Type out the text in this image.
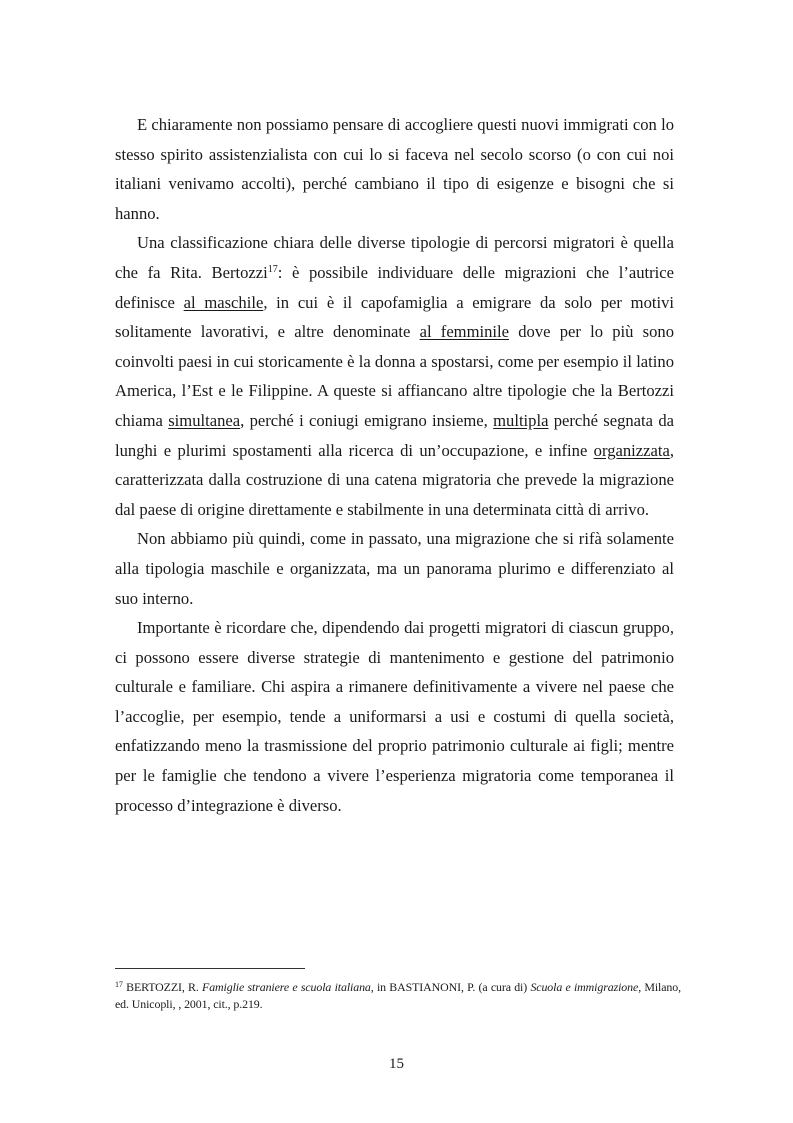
E chiaramente non possiamo pensare di accogliere questi nuovi immigrati con lo stesso spirito assistenzialista con cui lo si faceva nel secolo scorso (o con cui noi italiani venivamo accolti), perché cambiano il tipo di esigenze e bisogni che si hanno.

Una classificazione chiara delle diverse tipologie di percorsi migratori è quella che fa Rita. Bertozzi$^{17}$: è possibile individuare delle migrazioni che l’autrice definisce al maschile, in cui è il capofamiglia a emigrare da solo per motivi solitamente lavorativi, e altre denominate al femminile dove per lo più sono coinvolti paesi in cui storicamente è la donna a spostarsi, come per esempio il latino America, l’Est e le Filippine. A queste si affiancano altre tipologie che la Bertozzi chiama simultanea, perché i coniugi emigrano insieme, multipla perché segnata da lunghi e plurimi spostamenti alla ricerca di un’occupazione, e infine organizzata, caratterizzata dalla costruzione di una catena migratoria che prevede la migrazione dal paese di origine direttamente e stabilmente in una determinata città di arrivo.

Non abbiamo più quindi, come in passato, una migrazione che si rifà solamente alla tipologia maschile e organizzata, ma un panorama plurimo e differenziato al suo interno.

Importante è ricordare che, dipendendo dai progetti migratori di ciascun gruppo, ci possono essere diverse strategie di mantenimento e gestione del patrimonio culturale e familiare. Chi aspira a rimanere definitivamente a vivere nel paese che l’accoglie, per esempio, tende a uniformarsi a usi e costumi di quella società, enfatizzando meno la trasmissione del proprio patrimonio culturale ai figli; mentre per le famiglie che tendono a vivere l’esperienza migratoria come temporanea il processo d’integrazione è diverso.

$^{17}$ BERTOZZI, R. Famiglie straniere e scuola italiana, in BASTIANONI, P. (a cura di) Scuola e immigrazione, Milano, ed. Unicopli, , 2001, cit., p.219.
15
